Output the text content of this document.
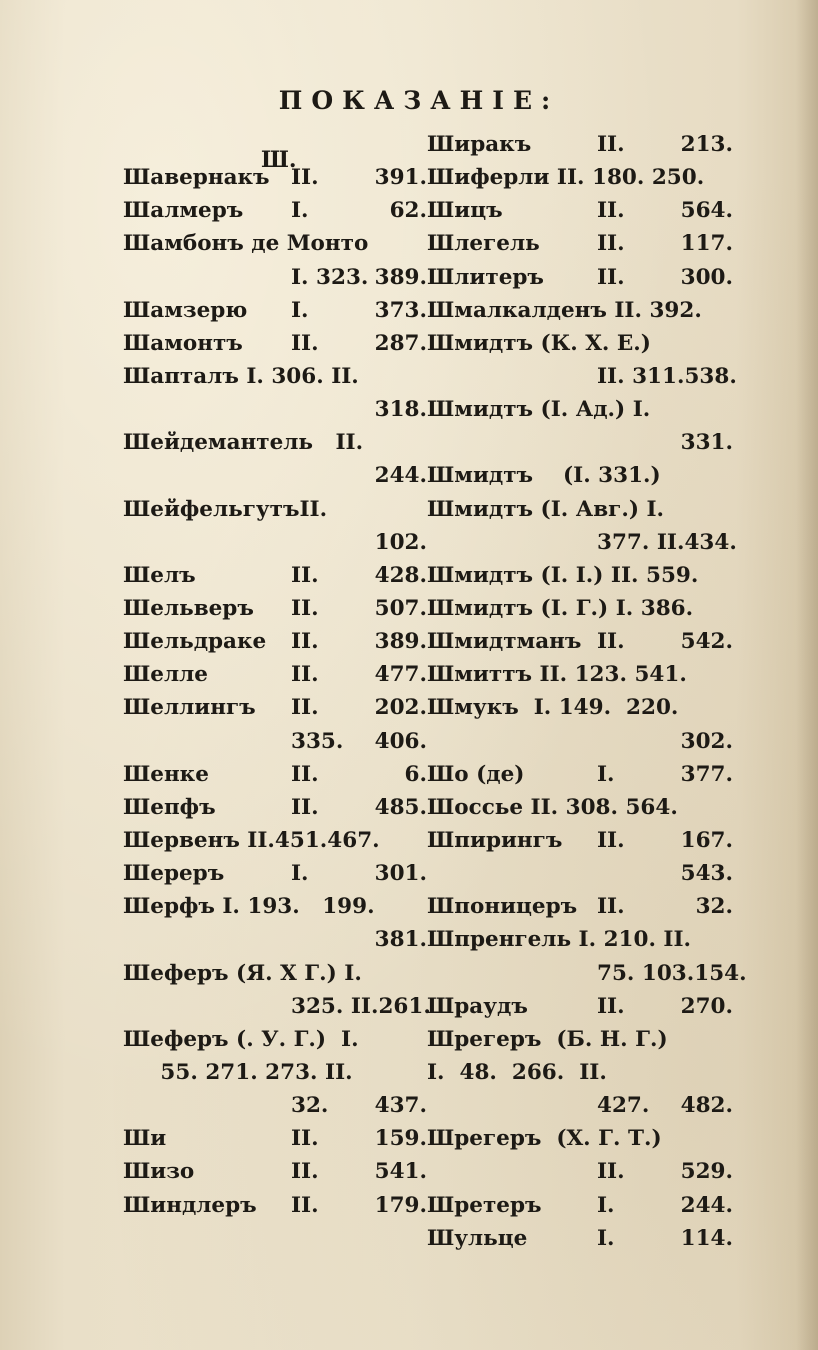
ПОКАЗАНІЕ:
Ш.
Шавернакъ II.	391.
Шалмеръ	I.	62.
Шамбонъ де Монто
I. 323. 389.
Шамзерю	I.	373.
Шамонтъ	II.	287.
Шапталъ I. 306. II.
318.
Шейдемантель   II.
244.
Шейфельгутъ II.
102.
Шелъ	II.	428.
Шельверъ	II.	507.
Шельдраке	II.	389.
Шелле	II.	477.
Шеллингъ	II.	202.
335.	406.
Шенке	II.	6.
Шепфъ	II.	485.
Шервенъ II.451.467.
Шереръ	I.	301.
Шерфъ I. 193.   199.
381.
Шеферъ (Я. Х Г.) I.
325. II. 261.
Шеферъ (. У. Г.)  I.
55. 271. 273. II.
32.	437.
Ши	II.	159.
Шизо	II.	541.
Шиндлеръ	II.	179.
Ширакъ	II.	213.
Шиферли II. 180. 250.
Шицъ	II.	564.
Шлегель	II.	117.
Шлитеръ	II.	300.
Шмалкалденъ II. 392.
Шмидтъ (К. Х. Е.)
II. 311. 538.
Шмидтъ (I. Ад.) I.
331.
Шмидтъ    (I. 331.)
Шмидтъ (I. Авг.) I.
377. II. 434.
Шмидтъ (I. I.) II. 559.
Шмидтъ (I. Г.) I. 386.
Шмидтманъ II.	542.
Шмиттъ II. 123. 541.
Шмукъ  I. 149.  220.
302.
Шо (де)	I.	377.
Шоссье II. 308. 564.
Шпирингъ	II.	167.
543.
Шпоницеръ II.	32.
Шпренгель I. 210. II.
75. 103. 154.
Шраудъ	II.	270.
Шрегеръ  (Б. Н. Г.)
I.  48.  266.  II.
427.	482.
Шрегеръ  (Х. Г. Т.)
II.	529.
Шретеръ	I.	244.
Шульце	I.	114.
